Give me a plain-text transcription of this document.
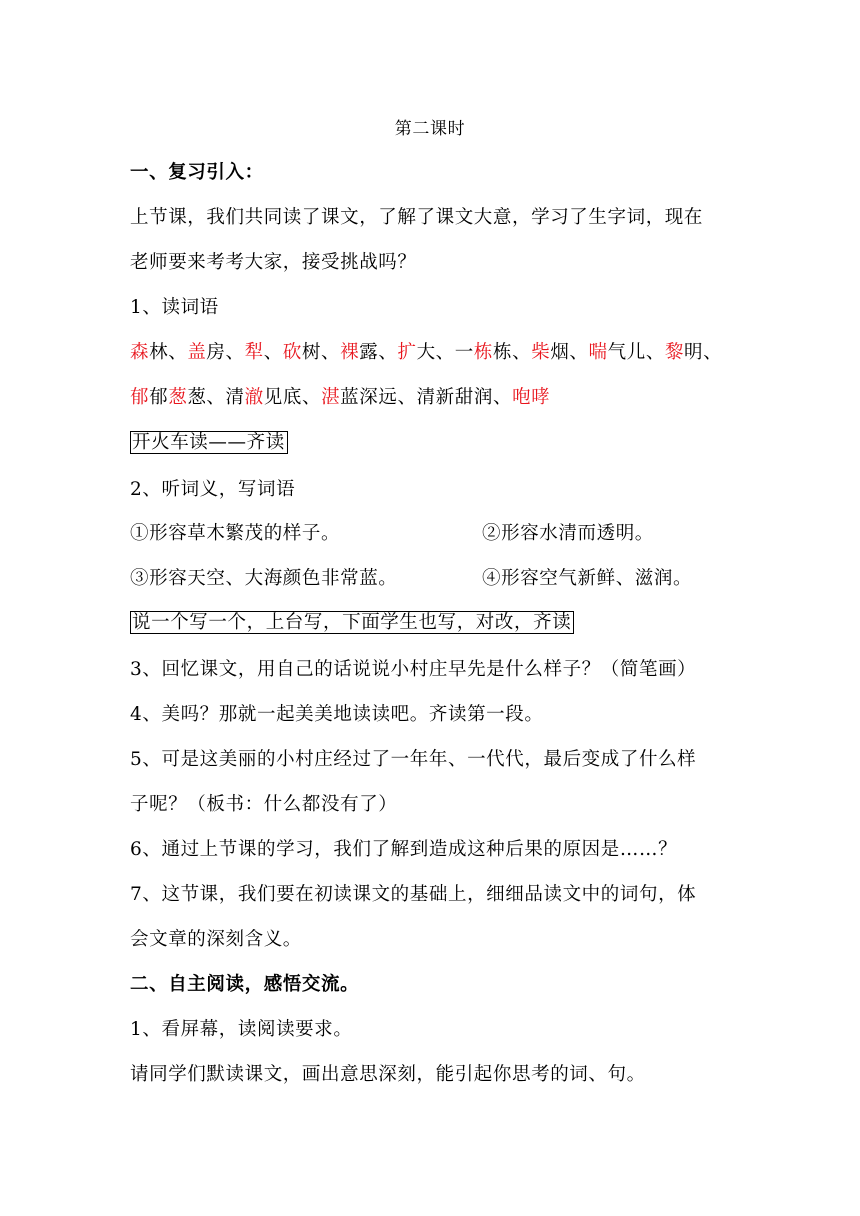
第二课时
一、复习引入：
上节课，我们共同读了课文，了解了课文大意，学习了生字词，现在
老师要来考考大家，接受挑战吗？
1、读词语
森林、盖房、犁、砍树、裸露、扩大、一栋栋、柴烟、喘气儿、黎明、
郁郁葱葱、清澈见底、湛蓝深远、清新甜润、咆哮
开火车读——齐读
2、听词义，写词语
①形容草木繁茂的样子。	②形容水清而透明。
③形容天空、大海颜色非常蓝。	④形容空气新鲜、滋润。
说一个写一个，上台写，下面学生也写，对改，齐读
3、回忆课文，用自己的话说说小村庄早先是什么样子？（简笔画）
4、美吗？那就一起美美地读读吧。齐读第一段。
5、可是这美丽的小村庄经过了一年年、一代代，最后变成了什么样
子呢？（板书：什么都没有了）
6、通过上节课的学习，我们了解到造成这种后果的原因是……？
7、这节课，我们要在初读课文的基础上，细细品读文中的词句，体
会文章的深刻含义。
二、自主阅读，感悟交流。
1、看屏幕，读阅读要求。
请同学们默读课文，画出意思深刻，能引起你思考的词、句。
